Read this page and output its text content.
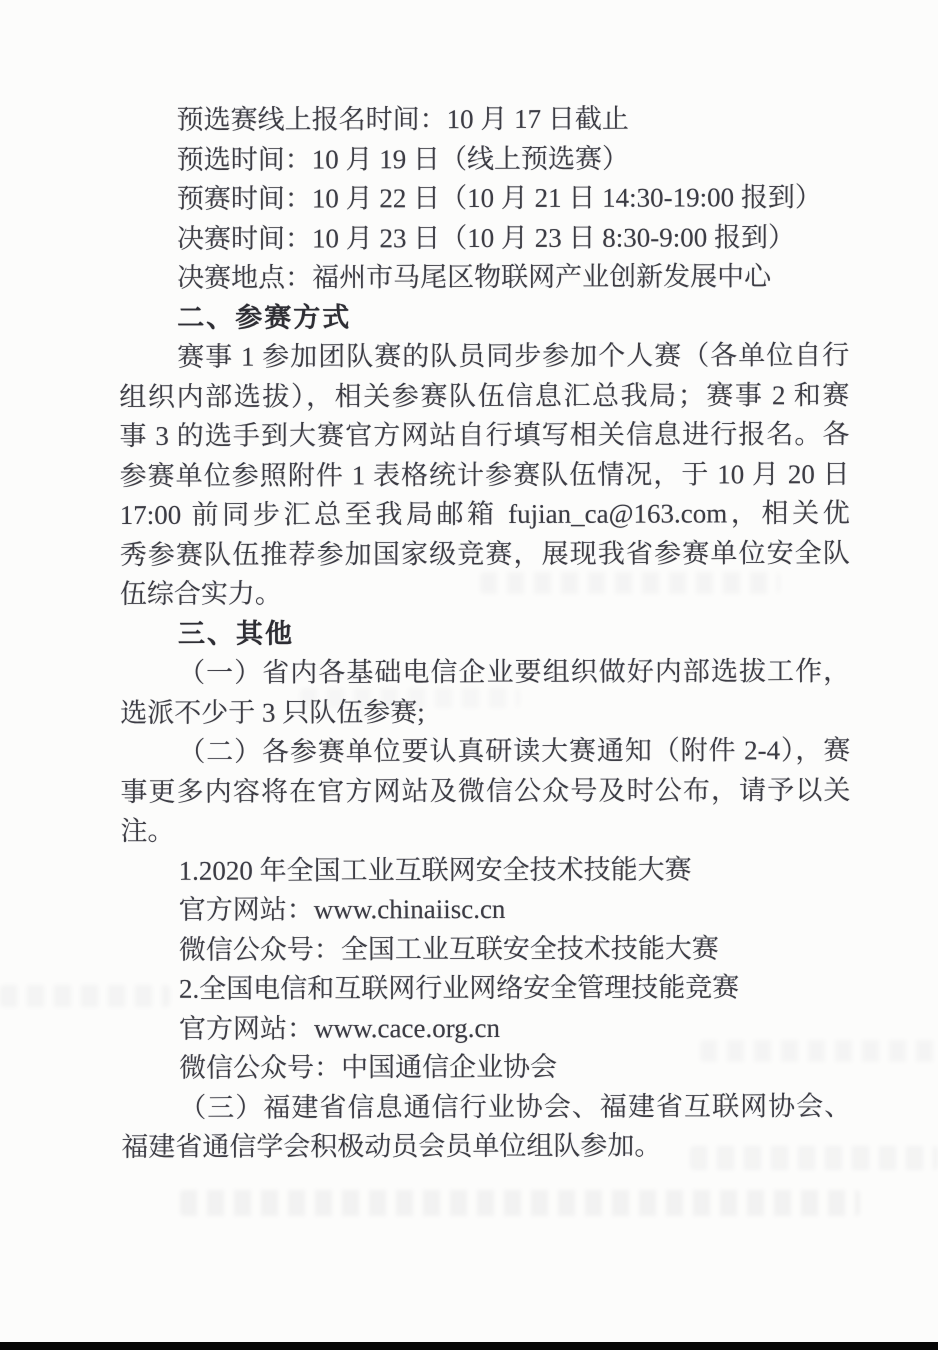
预选赛线上报名时间：10 月 17 日截止
预选时间：10 月 19 日（线上预选赛）
预赛时间：10 月 22 日（10 月 21 日 14:30-19:00 报到）
决赛时间：10 月 23 日（10 月 23 日 8:30-9:00 报到）
决赛地点：福州市马尾区物联网产业创新发展中心
二、参赛方式
赛事 1 参加团队赛的队员同步参加个人赛（各单位自行
组织内部选拔），相关参赛队伍信息汇总我局；赛事 2 和赛
事 3 的选手到大赛官方网站自行填写相关信息进行报名。各
参赛单位参照附件 1 表格统计参赛队伍情况，于 10 月 20 日
17:00 前同步汇总至我局邮箱 fujian_ca@163.com，相关优
秀参赛队伍推荐参加国家级竞赛，展现我省参赛单位安全队
伍综合实力。
三、其他
（一）省内各基础电信企业要组织做好内部选拔工作，
选派不少于 3 只队伍参赛;
（二）各参赛单位要认真研读大赛通知（附件 2-4），赛
事更多内容将在官方网站及微信公众号及时公布，请予以关
注。
1.2020 年全国工业互联网安全技术技能大赛
官方网站：www.chinaiisc.cn
微信公众号：全国工业互联安全技术技能大赛
2.全国电信和互联网行业网络安全管理技能竞赛
官方网站：www.cace.org.cn
微信公众号：中国通信企业协会
（三）福建省信息通信行业协会、福建省互联网协会、
福建省通信学会积极动员会员单位组队参加。
